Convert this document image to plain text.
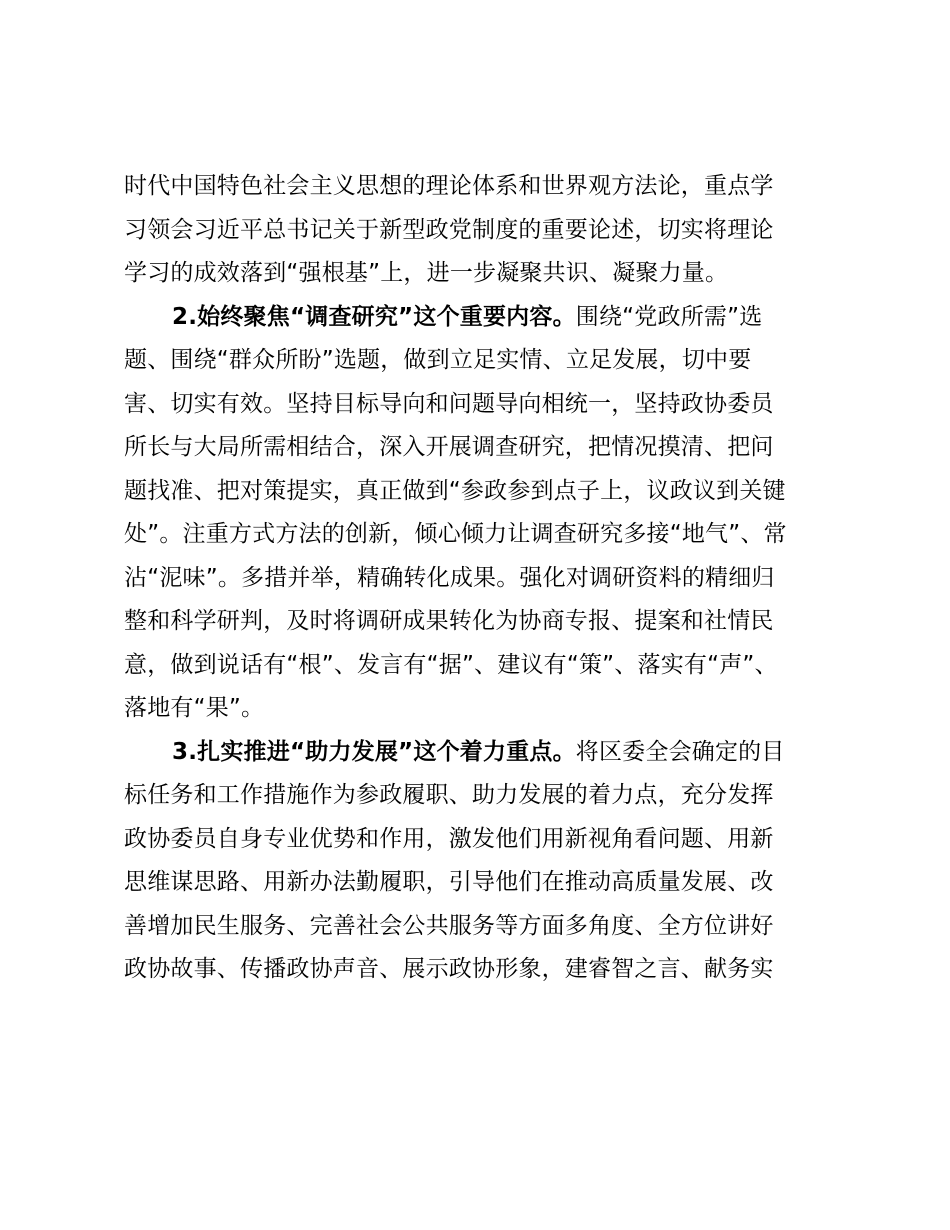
时代中国特色社会主义思想的理论体系和世界观方法论，重点学
习领会习近平总书记关于新型政党制度的重要论述，切实将理论
学习的成效落到“强根基”上，进一步凝聚共识、凝聚力量。
2.始终聚焦“调查研究”这个重要内容。围绕“党政所需”选
题、围绕“群众所盼”选题，做到立足实情、立足发展，切中要
害、切实有效。坚持目标导向和问题导向相统一，坚持政协委员
所长与大局所需相结合，深入开展调查研究，把情况摸清、把问
题找准、把对策提实，真正做到“参政参到点子上，议政议到关键
处”。注重方式方法的创新，倾心倾力让调查研究多接“地气”、常
沾“泥味”。多措并举，精确转化成果。强化对调研资料的精细归
整和科学研判，及时将调研成果转化为协商专报、提案和社情民
意，做到说话有“根”、发言有“据”、建议有“策”、落实有“声”、
落地有“果”。
3.扎实推进“助力发展”这个着力重点。将区委全会确定的目
标任务和工作措施作为参政履职、助力发展的着力点，充分发挥
政协委员自身专业优势和作用，激发他们用新视角看问题、用新
思维谋思路、用新办法勤履职，引导他们在推动高质量发展、改
善增加民生服务、完善社会公共服务等方面多角度、全方位讲好
政协故事、传播政协声音、展示政协形象，建睿智之言、献务实
